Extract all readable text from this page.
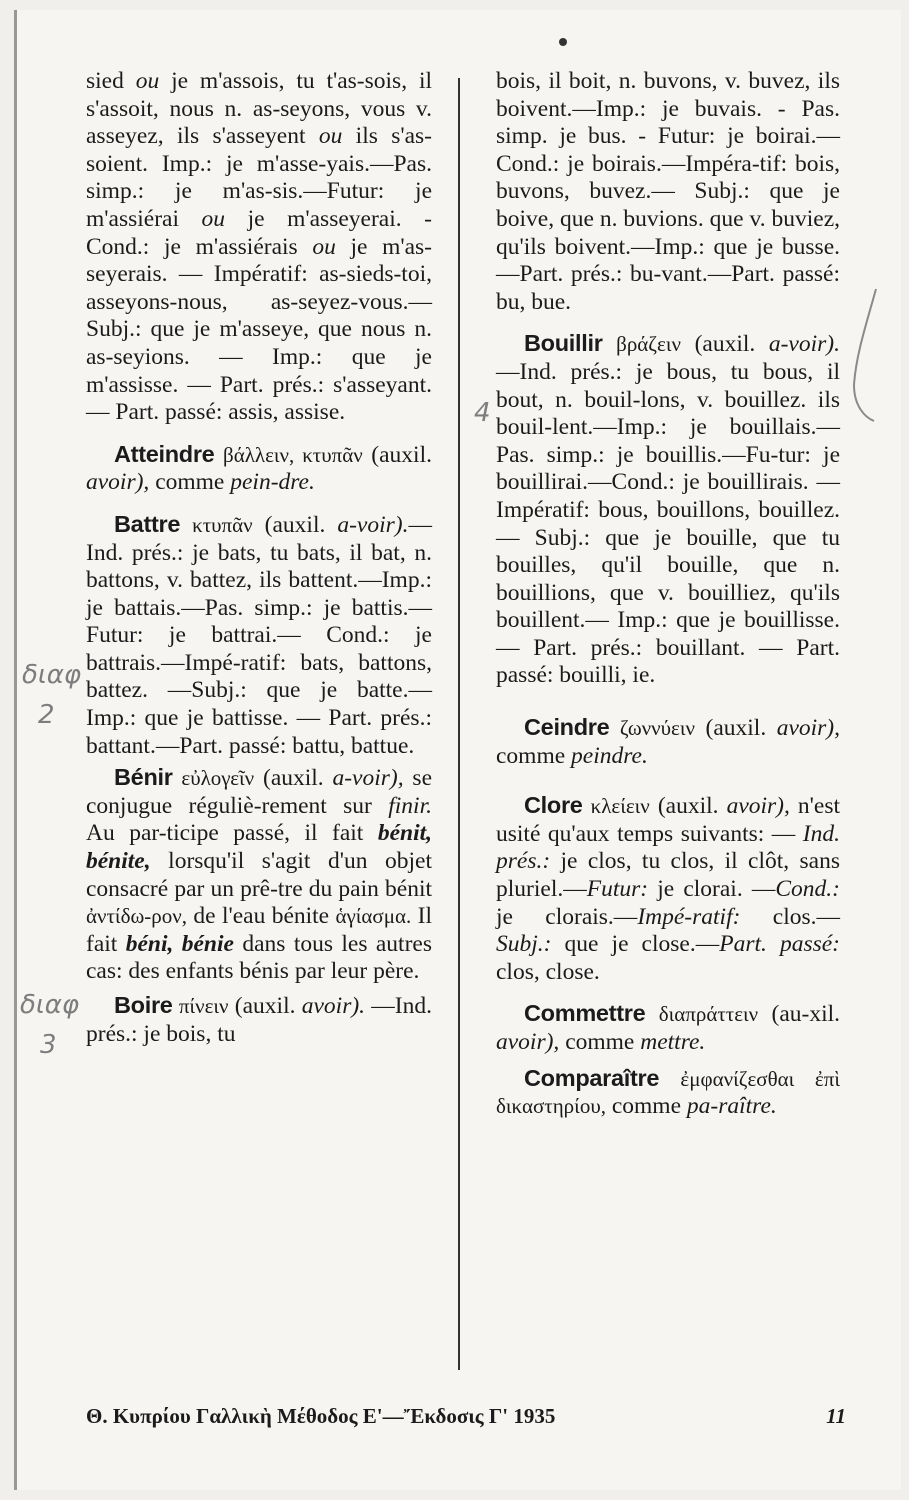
sied ou je m'assois, tu t'as-sois, il s'assoit, nous n. as-seyons, vous v. asseyez, ils s'asseyent ou ils s'as-soient. Imp.: je m'asse-yais.—Pas. simp.: je m'as-sis.—Futur: je m'assiérai ou je m'asseyerai. - Cond.: je m'assiérais ou je m'as-seyerais. — Impératif: as-sieds-toi, asseyons-nous, as-seyez-vous.—Subj.: que je m'asseye, que nous n. as-seyions. — Imp.: que je m'assisse. — Part. prés.: s'asseyant. — Part. passé: assis, assise.

Atteindre βάλλειν, κτυπᾶν (auxil. avoir), comme pein-dre.

Battre κτυπᾶν (auxil. a-voir).—Ind. prés.: je bats, tu bats, il bat, n. battons, v. battez, ils battent.—Imp.: je battais.—Pas. simp.: je battis.—Futur: je battrai.— Cond.: je battrais.—Impé-ratif: bats, battons, battez. —Subj.: que je batte.— Imp.: que je battisse. — Part. prés.: battant.—Part. passé: battu, battue.

Bénir εὐλογεῖν (auxil. a-voir), se conjugue réguliè-rement sur finir. Au par-ticipe passé, il fait bénit, bénite, lorsqu'il s'agit d'un objet consacré par un prê-tre du pain bénit ἀντίδω-ρον, de l'eau bénite ἁγίασμα. Il fait béni, bénie dans tous les autres cas: des enfants bénis par leur père.

Boire πίνειν (auxil. avoir). —Ind. prés.: je bois, tu

bois, il boit, n. buvons, v. buvez, ils boivent.—Imp.: je buvais. - Pas. simp. je bus. - Futur: je boirai.— Cond.: je boirais.—Impéra-tif: bois, buvons, buvez.— Subj.: que je boive, que n. buvions. que v. buviez, qu'ils boivent.—Imp.: que je busse.—Part. prés.: bu-vant.—Part. passé: bu, bue.

Bouillir βράζειν (auxil. a-voir).—Ind. prés.: je bous, tu bous, il bout, n. bouil-lons, v. bouillez. ils bouil-lent.—Imp.: je bouillais.— Pas. simp.: je bouillis.—Fu-tur: je bouillirai.—Cond.: je bouillirais. — Impératif: bous, bouillons, bouillez.— Subj.: que je bouille, que tu bouilles, qu'il bouille, que n. bouillions, que v. bouilliez, qu'ils bouillent.— Imp.: que je bouillisse.— Part. prés.: bouillant. — Part. passé: bouilli, ie.

Ceindre ζωννύειν (auxil. avoir), comme peindre.

Clore κλείειν (auxil. avoir), n'est usité qu'aux temps suivants: — Ind. prés.: je clos, tu clos, il clôt, sans pluriel.—Futur: je clorai. —Cond.: je clorais.—Impé-ratif: clos.—Subj.: que je close.—Part. passé: clos, close.

Commettre διαπράττειν (au-xil. avoir), comme mettre.

Comparaître ἐμφανίζεσθαι ἐπὶ δικαστηρίου, comme pa-raître.

διαφ
2
διαφ
3
4
Θ. Κυπρίου Γαλλικὴ Μέθοδος Ε'—Ἔκδοσις Γ' 1935	11
